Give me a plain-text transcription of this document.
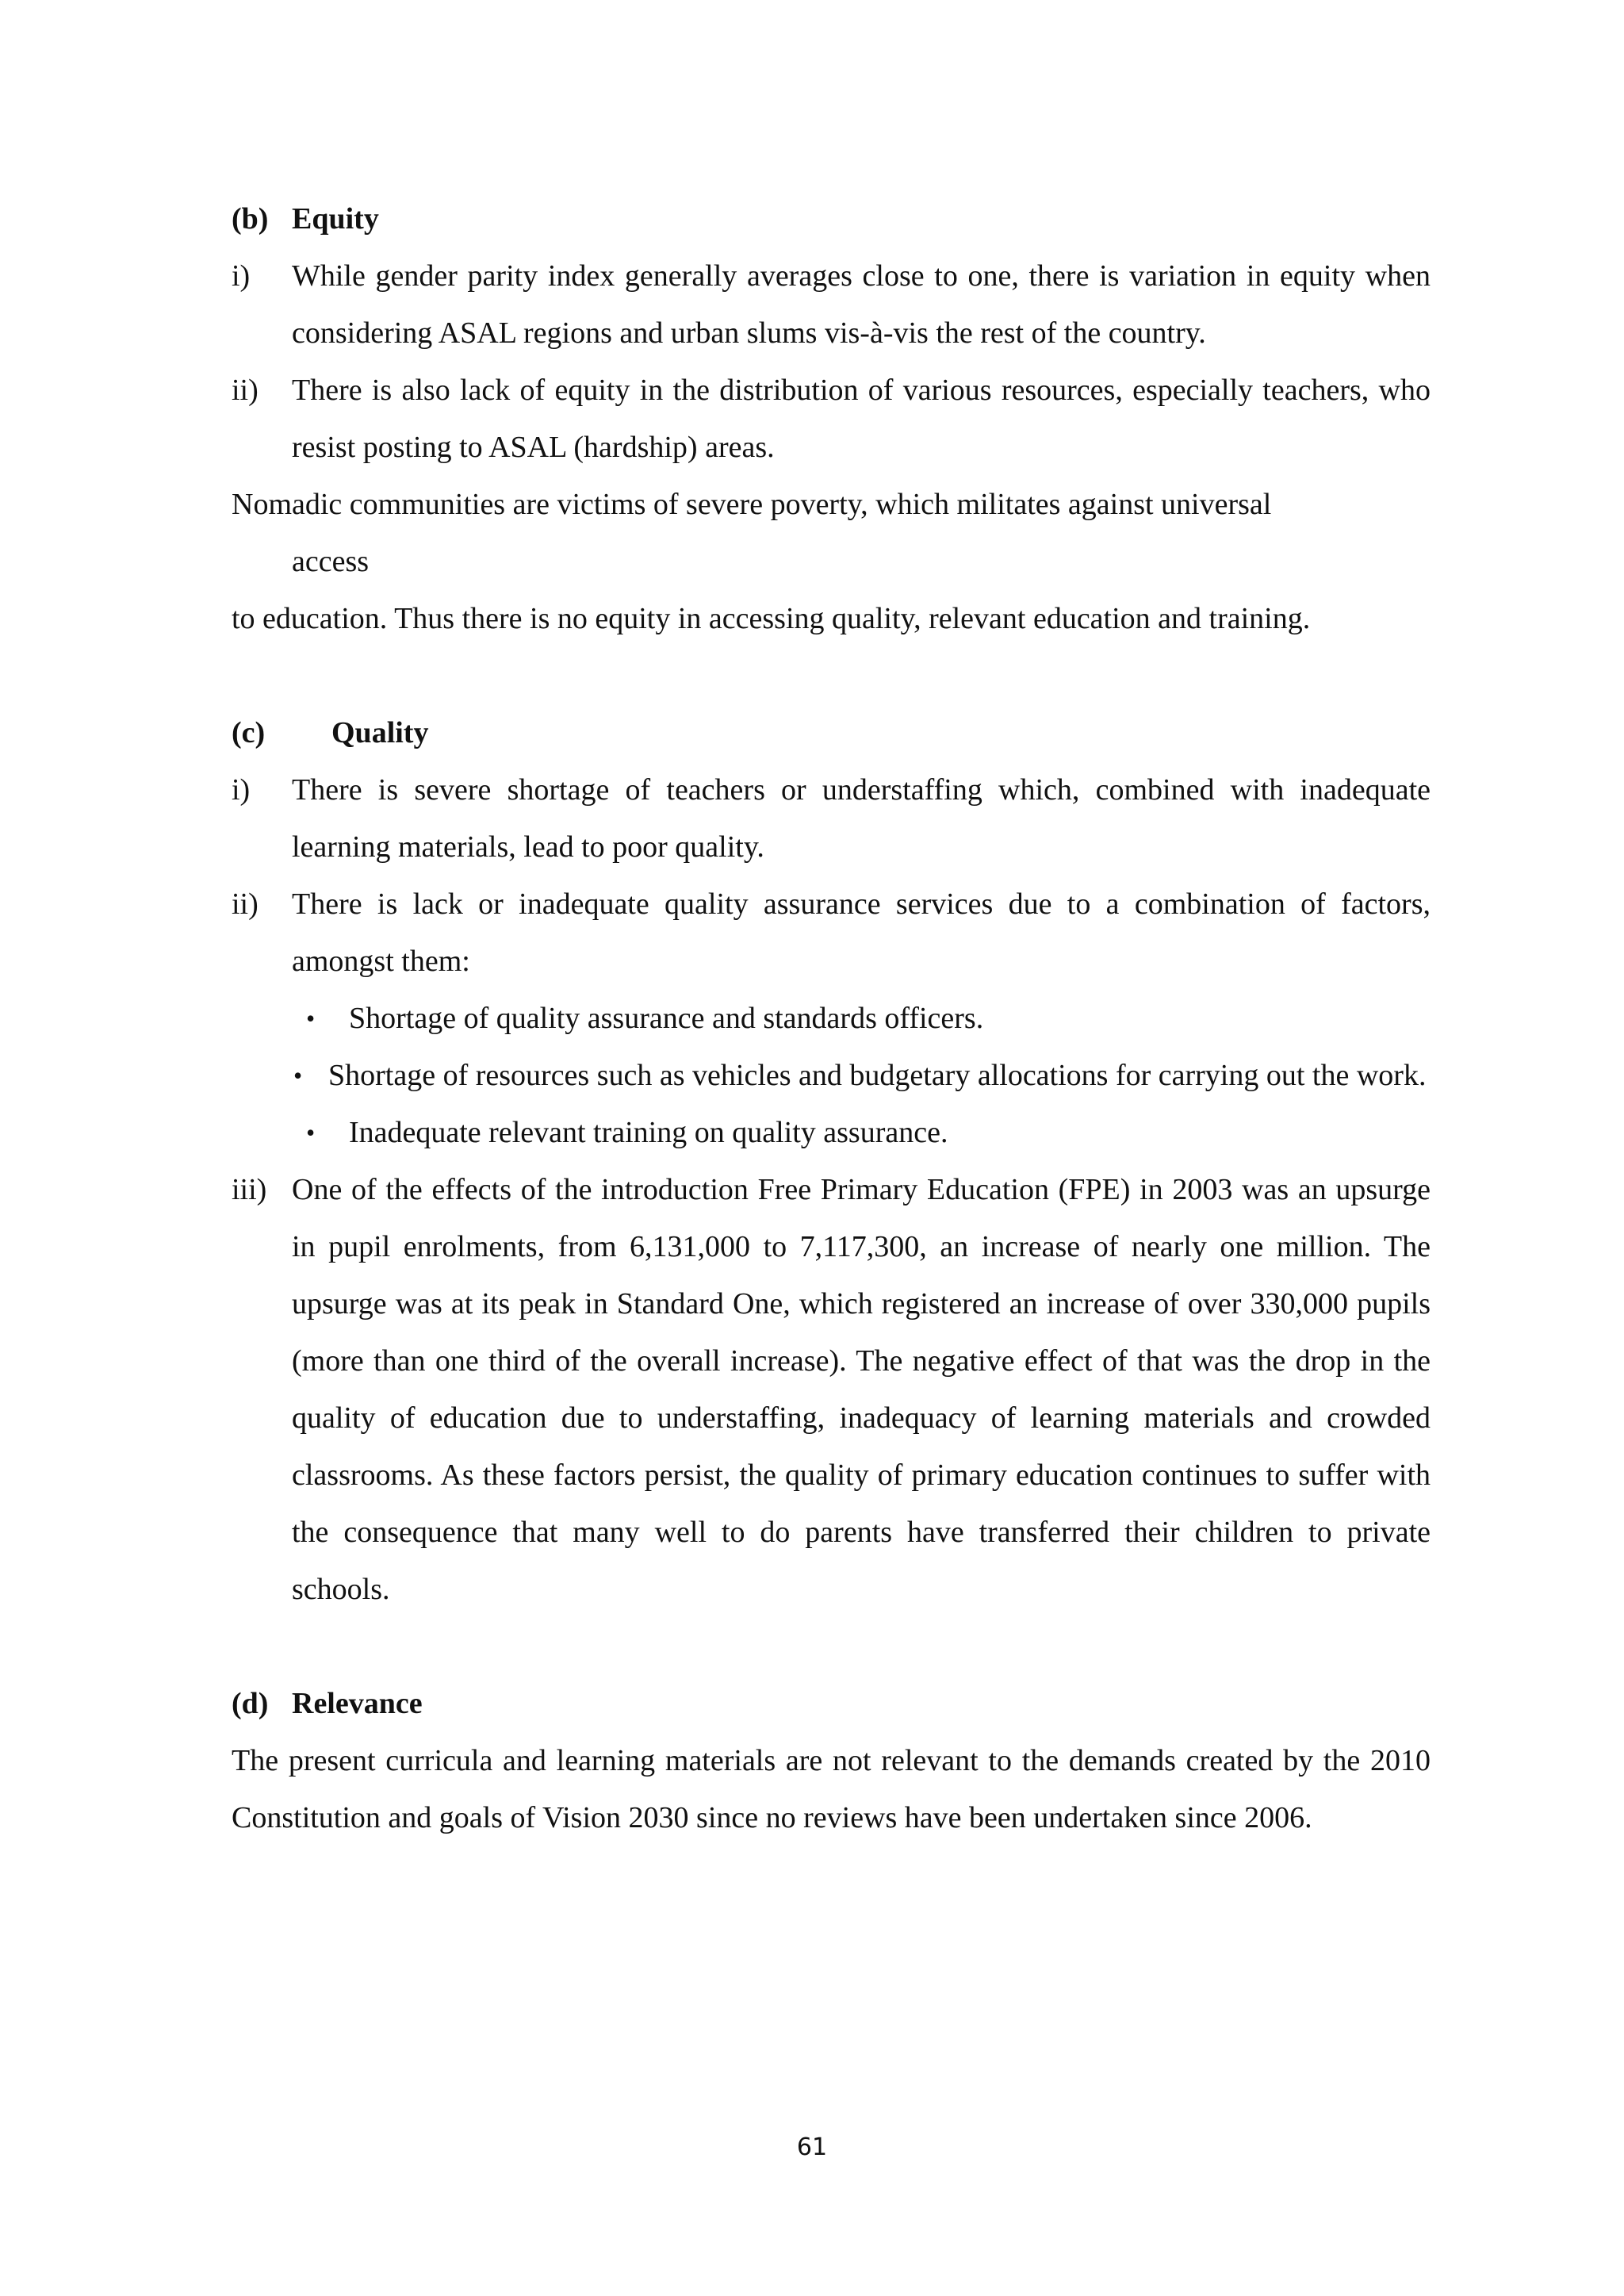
(b) Equity
i) While gender parity index generally averages close to one, there is variation in equity when considering ASAL regions and urban slums vis-à-vis the rest of the country.
ii) There is also lack of equity in the distribution of various resources, especially teachers, who resist posting to ASAL (hardship) areas.
Nomadic communities are victims of severe poverty, which militates against universal
access
to education. Thus there is no equity in accessing quality, relevant education and training.
(c) Quality
i) There is severe shortage of teachers or understaffing which, combined with inadequate learning materials, lead to poor quality.
ii) There is lack or inadequate quality assurance services due to a combination of factors, amongst them:
• Shortage of quality assurance and standards officers.
• Shortage of resources such as vehicles and budgetary allocations for carrying out the work.
• Inadequate relevant training on quality assurance.
iii) One of the effects of the introduction Free Primary Education (FPE) in 2003 was an upsurge in pupil enrolments, from 6,131,000 to 7,117,300, an increase of nearly one million. The upsurge was at its peak in Standard One, which registered an increase of over 330,000 pupils (more than one third of the overall increase). The negative effect of that was the drop in the quality of education due to understaffing, inadequacy of learning materials and crowded classrooms. As these factors persist, the quality of primary education continues to suffer with the consequence that many well to do parents have transferred their children to private schools.
(d) Relevance
The present curricula and learning materials are not relevant to the demands created by the 2010 Constitution and goals of Vision 2030 since no reviews have been undertaken since 2006.
61
